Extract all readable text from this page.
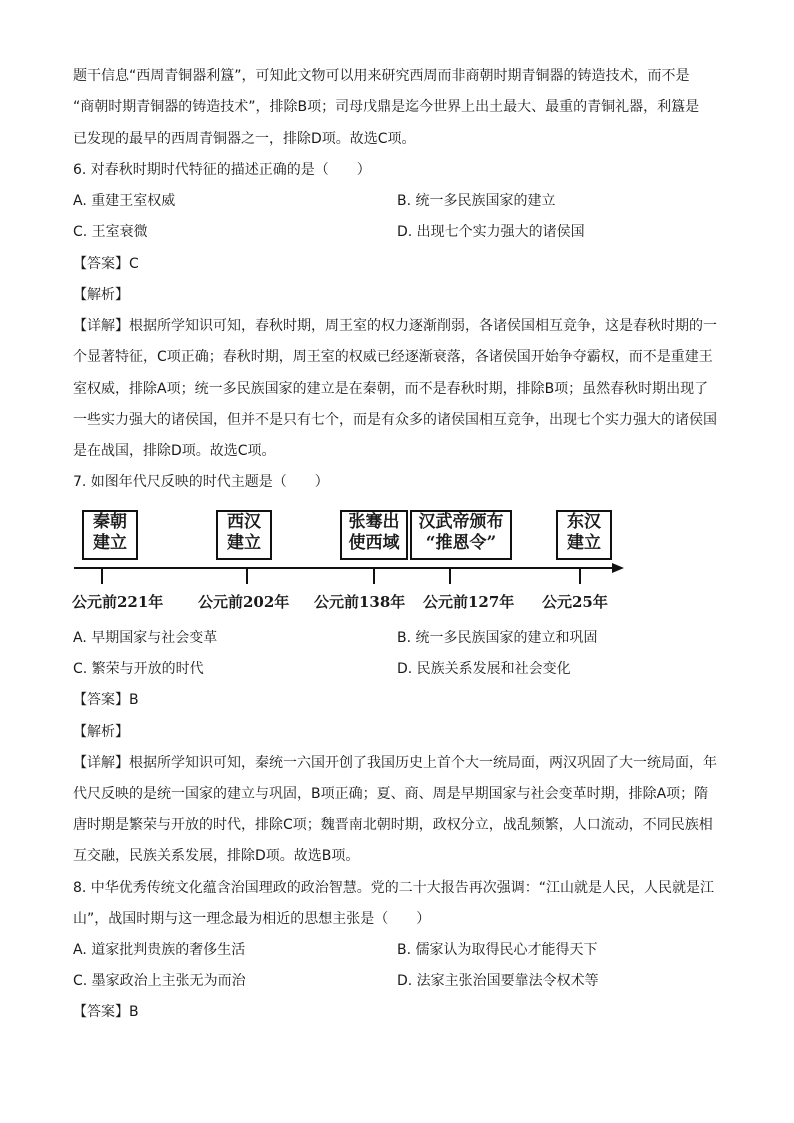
题干信息“西周青铜器利簋”，可知此文物可以用来研究西周而非商朝时期青铜器的铸造技术，而不是
“商朝时期青铜器的铸造技术”，排除B项；司母戊鼎是迄今世界上出土最大、最重的青铜礼器，利簋是
已发现的最早的西周青铜器之一，排除D项。故选C项。
6. 对春秋时期时代特征的描述正确的是（　　）
A. 重建王室权威	B. 统一多民族国家的建立
C. 王室衰微	D. 出现七个实力强大的诸侯国
【答案】C
【解析】
【详解】根据所学知识可知，春秋时期，周王室的权力逐渐削弱，各诸侯国相互竞争，这是春秋时期的一
个显著特征，C项正确；春秋时期，周王室的权威已经逐渐衰落，各诸侯国开始争夺霸权，而不是重建王
室权威，排除A项；统一多民族国家的建立是在秦朝，而不是春秋时期，排除B项；虽然春秋时期出现了
一些实力强大的诸侯国，但并不是只有七个，而是有众多的诸侯国相互竞争，出现七个实力强大的诸侯国
是在战国，排除D项。故选C项。
7. 如图年代尺反映的时代主题是（　　）
秦朝
建立
西汉
建立
张骞出
使西域
汉武帝颁布
“推恩令”
东汉
建立
公元前221年 公元前202年 公元前138年 公元前127年 公元25年
A. 早期国家与社会变革	B. 统一多民族国家的建立和巩固
C. 繁荣与开放的时代	D. 民族关系发展和社会变化
【答案】B
【解析】
【详解】根据所学知识可知，秦统一六国开创了我国历史上首个大一统局面，两汉巩固了大一统局面，年
代尺反映的是统一国家的建立与巩固，B项正确；夏、商、周是早期国家与社会变革时期，排除A项；隋
唐时期是繁荣与开放的时代，排除C项；魏晋南北朝时期，政权分立，战乱频繁，人口流动，不同民族相
互交融，民族关系发展，排除D项。故选B项。
8. 中华优秀传统文化蕴含治国理政的政治智慧。党的二十大报告再次强调：“江山就是人民，人民就是江
山”，战国时期与这一理念最为相近的思想主张是（　　）
A. 道家批判贵族的奢侈生活	B. 儒家认为取得民心才能得天下
C. 墨家政治上主张无为而治	D. 法家主张治国要靠法令权术等
【答案】B
